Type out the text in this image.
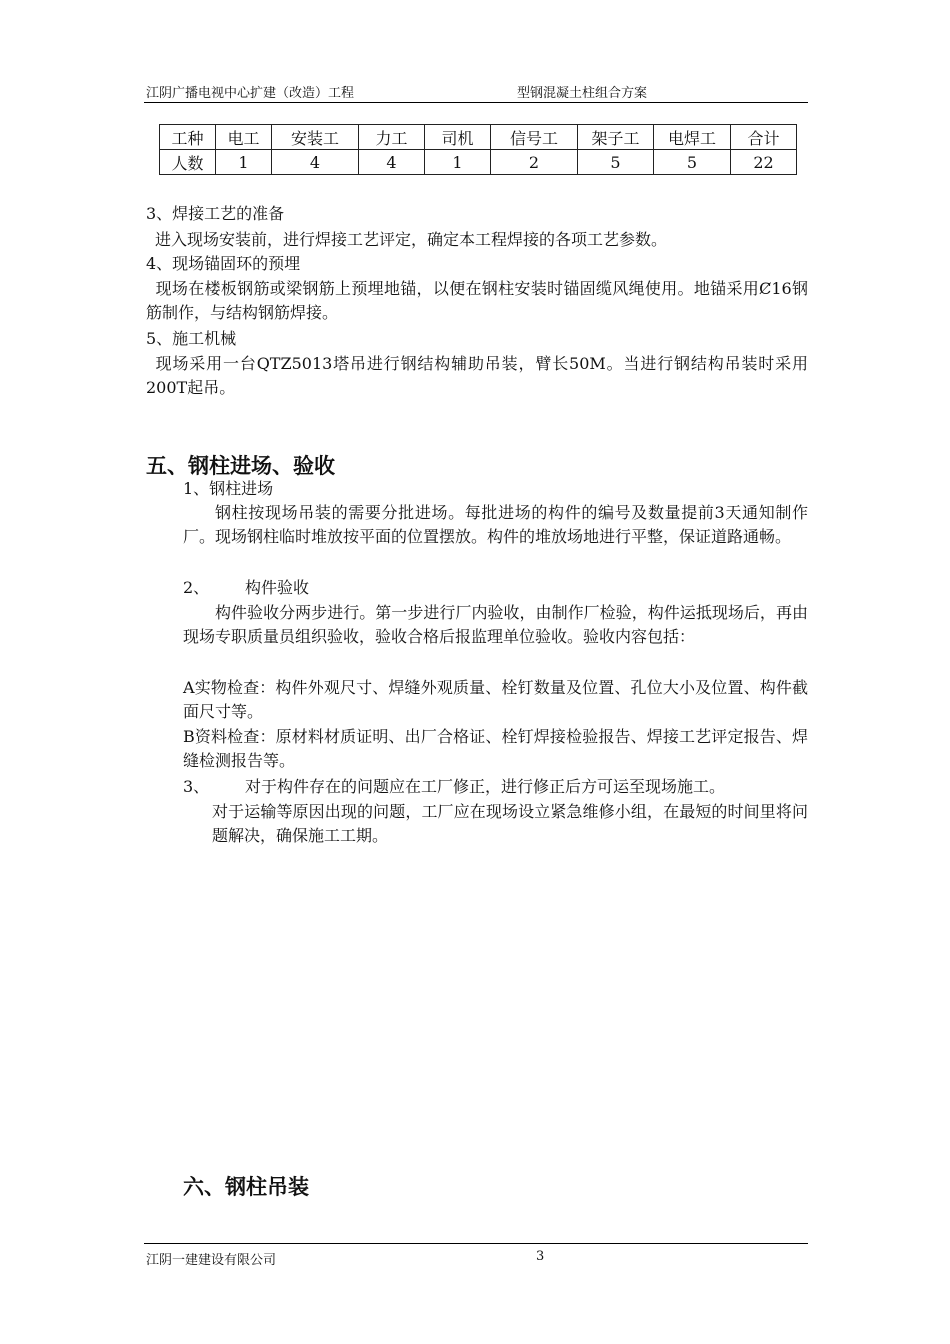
江阴广播电视中心扩建（改造）工程	型钢混凝土柱组合方案
工种	电工	安装工	力工	司机	信号工	架子工	电焊工	合计
人数	1	4	4	1	2	5	5	22
3、焊接工艺的准备
进入现场安装前，进行焊接工艺评定，确定本工程焊接的各项工艺参数。
4、现场锚固环的预埋
现场在楼板钢筋或梁钢筋上预埋地锚，以便在钢柱安装时锚固缆风绳使用。地锚采用Ȼ16钢筋制作，与结构钢筋焊接。
5、施工机械
现场采用一台QTZ5013塔吊进行钢结构辅助吊装，臂长50M。当进行钢结构吊装时采用200T起吊。
五、钢柱进场、验收
1、钢柱进场
钢柱按现场吊装的需要分批进场。每批进场的构件的编号及数量提前3天通知制作厂。现场钢柱临时堆放按平面的位置摆放。构件的堆放场地进行平整，保证道路通畅。
2、 构件验收
构件验收分两步进行。第一步进行厂内验收，由制作厂检验，构件运抵现场后，再由现场专职质量员组织验收，验收合格后报监理单位验收。验收内容包括：
A实物检查：构件外观尺寸、焊缝外观质量、栓钉数量及位置、孔位大小及位置、构件截面尺寸等。
B资料检查：原材料材质证明、出厂合格证、栓钉焊接检验报告、焊接工艺评定报告、焊缝检测报告等。
3、 对于构件存在的问题应在工厂修正，进行修正后方可运至现场施工。
对于运输等原因出现的问题，工厂应在现场设立紧急维修小组，在最短的时间里将问题解决，确保施工工期。
六、钢柱吊装
江阴一建建设有限公司	3
